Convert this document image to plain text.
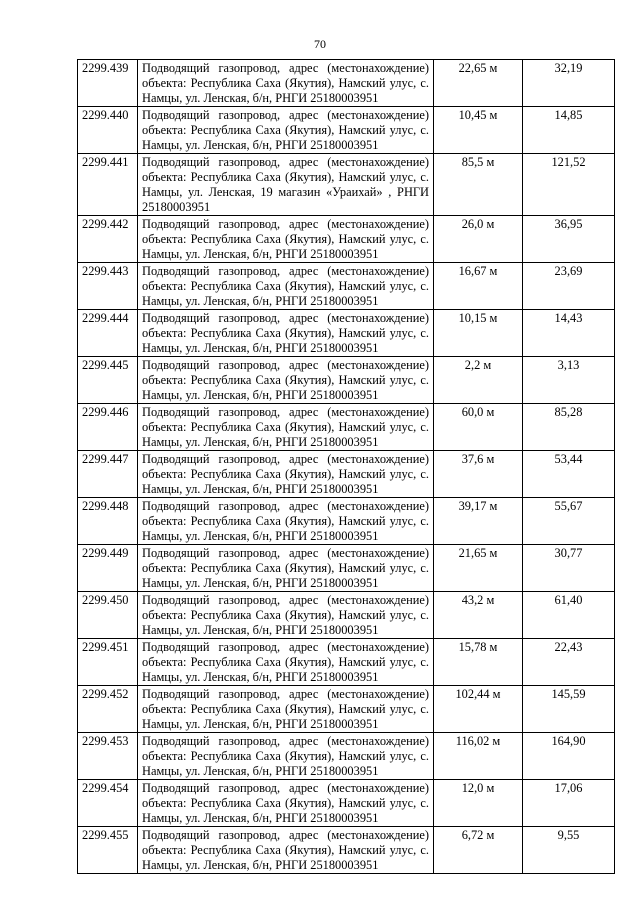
70
2299.439	Подводящий газопровод, адрес (местонахождение) объекта: Республика Саха (Якутия), Намский улус, с. Намцы, ул. Ленская, б/н, РНГИ 25180003951	22,65 м	32,19
2299.440	Подводящий газопровод, адрес (местонахождение) объекта: Республика Саха (Якутия), Намский улус, с. Намцы, ул. Ленская, б/н, РНГИ 25180003951	10,45 м	14,85
2299.441	Подводящий газопровод, адрес (местонахождение) объекта: Республика Саха (Якутия), Намский улус, с. Намцы, ул. Ленская, 19 магазин «Ураихай» , РНГИ 25180003951	85,5 м	121,52
2299.442	Подводящий газопровод, адрес (местонахождение) объекта: Республика Саха (Якутия), Намский улус, с. Намцы, ул. Ленская, б/н, РНГИ 25180003951	26,0 м	36,95
2299.443	Подводящий газопровод, адрес (местонахождение) объекта: Республика Саха (Якутия), Намский улус, с. Намцы, ул. Ленская, б/н, РНГИ 25180003951	16,67 м	23,69
2299.444	Подводящий газопровод, адрес (местонахождение) объекта: Республика Саха (Якутия), Намский улус, с. Намцы, ул. Ленская, б/н, РНГИ 25180003951	10,15 м	14,43
2299.445	Подводящий газопровод, адрес (местонахождение) объекта: Республика Саха (Якутия), Намский улус, с. Намцы, ул. Ленская, б/н, РНГИ 25180003951	2,2 м	3,13
2299.446	Подводящий газопровод, адрес (местонахождение) объекта: Республика Саха (Якутия), Намский улус, с. Намцы, ул. Ленская, б/н, РНГИ 25180003951	60,0 м	85,28
2299.447	Подводящий газопровод, адрес (местонахождение) объекта: Республика Саха (Якутия), Намский улус, с. Намцы, ул. Ленская, б/н, РНГИ 25180003951	37,6 м	53,44
2299.448	Подводящий газопровод, адрес (местонахождение) объекта: Республика Саха (Якутия), Намский улус, с. Намцы, ул. Ленская, б/н, РНГИ 25180003951	39,17 м	55,67
2299.449	Подводящий газопровод, адрес (местонахождение) объекта: Республика Саха (Якутия), Намский улус, с. Намцы, ул. Ленская, б/н, РНГИ 25180003951	21,65 м	30,77
2299.450	Подводящий газопровод, адрес (местонахождение) объекта: Республика Саха (Якутия), Намский улус, с. Намцы, ул. Ленская, б/н, РНГИ 25180003951	43,2 м	61,40
2299.451	Подводящий газопровод, адрес (местонахождение) объекта: Республика Саха (Якутия), Намский улус, с. Намцы, ул. Ленская, б/н, РНГИ 25180003951	15,78 м	22,43
2299.452	Подводящий газопровод, адрес (местонахождение) объекта: Республика Саха (Якутия), Намский улус, с. Намцы, ул. Ленская, б/н, РНГИ 25180003951	102,44 м	145,59
2299.453	Подводящий газопровод, адрес (местонахождение) объекта: Республика Саха (Якутия), Намский улус, с. Намцы, ул. Ленская, б/н, РНГИ 25180003951	116,02 м	164,90
2299.454	Подводящий газопровод, адрес (местонахождение) объекта: Республика Саха (Якутия), Намский улус, с. Намцы, ул. Ленская, б/н, РНГИ 25180003951	12,0 м	17,06
2299.455	Подводящий газопровод, адрес (местонахождение) объекта: Республика Саха (Якутия), Намский улус, с. Намцы, ул. Ленская, б/н, РНГИ 25180003951	6,72 м	9,55
